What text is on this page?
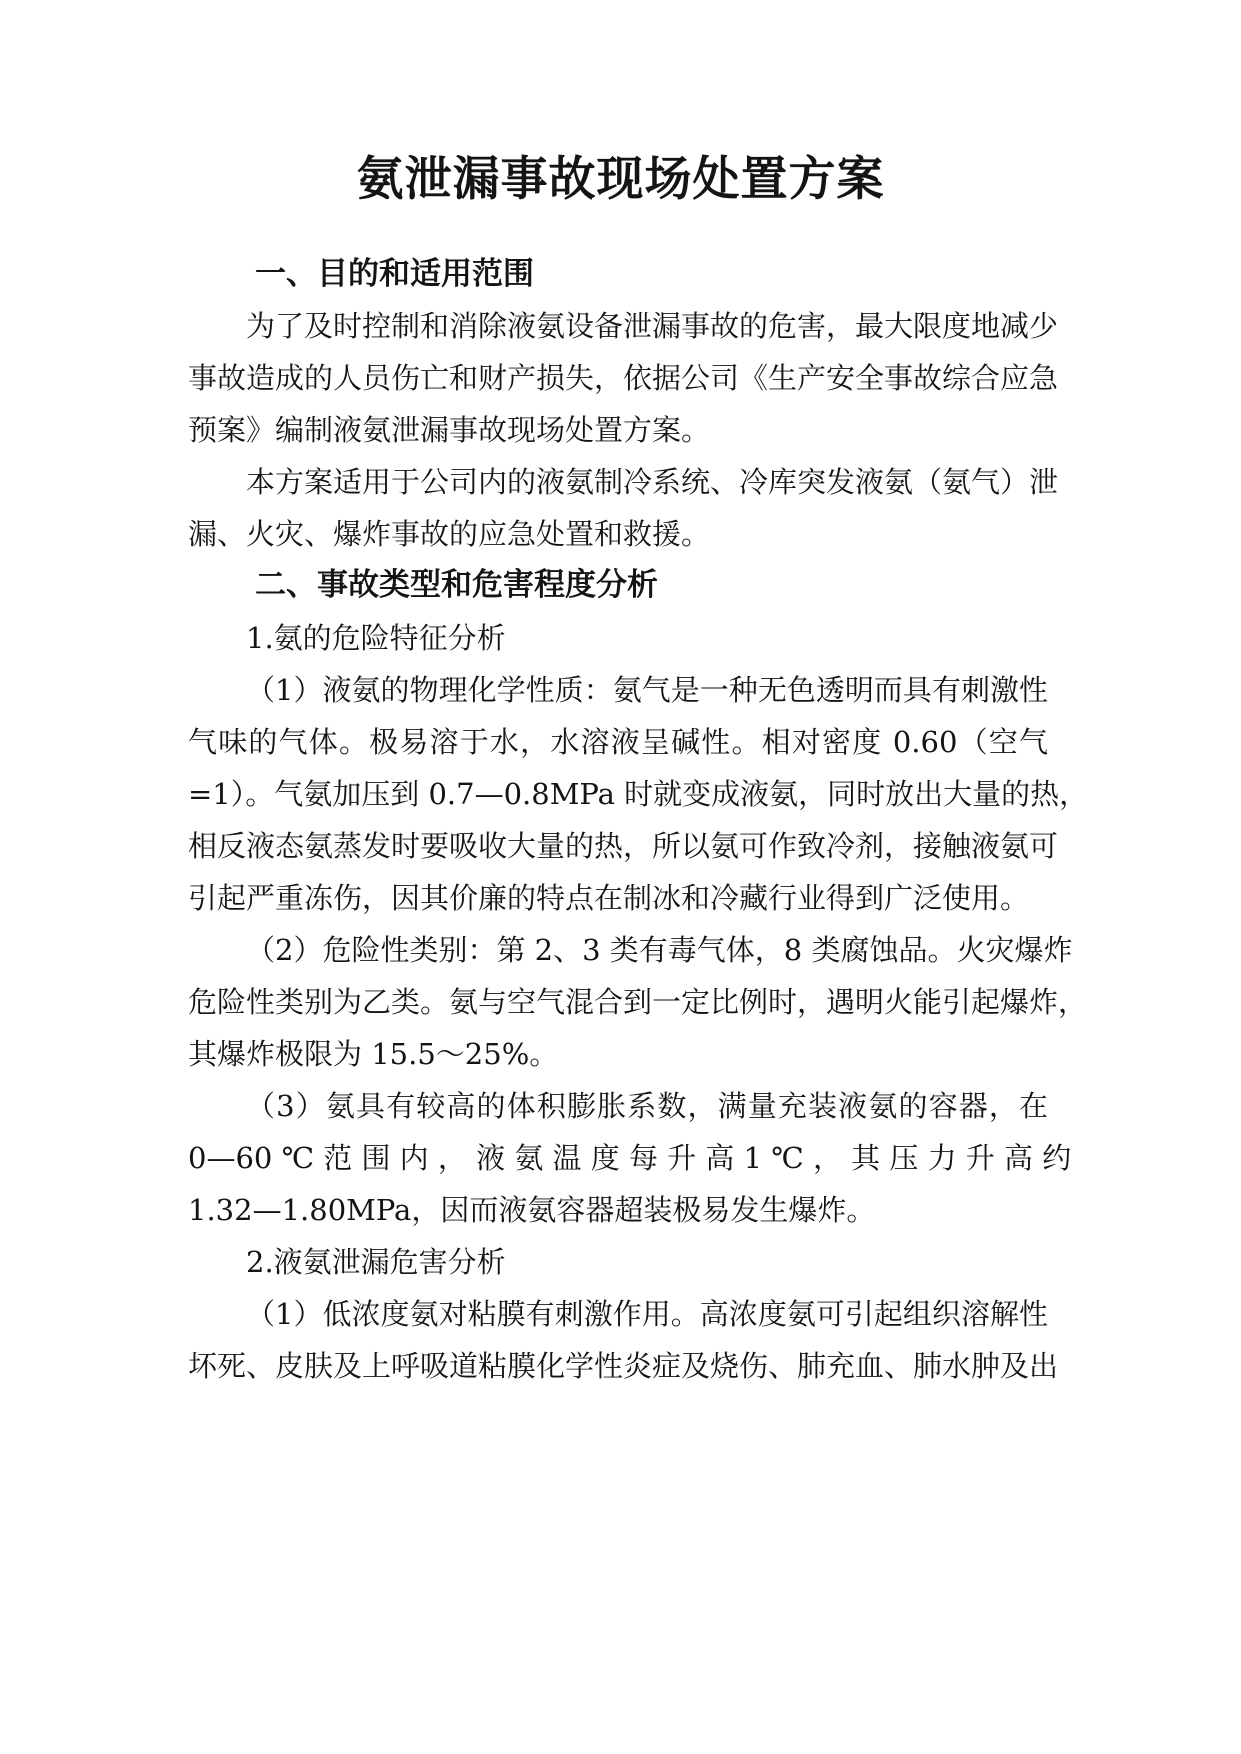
氨泄漏事故现场处置方案
一、目的和适用范围

为了及时控制和消除液氨设备泄漏事故的危害，最大限度地减少

事故造成的人员伤亡和财产损失，依据公司《生产安全事故综合应急

预案》编制液氨泄漏事故现场处置方案。

本方案适用于公司内的液氨制冷系统、冷库突发液氨（氨气）泄

漏、火灾、爆炸事故的应急处置和救援。

二、事故类型和危害程度分析

1.氨的危险特征分析

（1）液氨的物理化学性质：氨气是一种无色透明而具有刺激性

气味的气体。极易溶于水，水溶液呈碱性。相对密度 0.60（空气

=1）。气氨加压到 0.7—0.8MPa 时就变成液氨，同时放出大量的热，

相反液态氨蒸发时要吸收大量的热，所以氨可作致冷剂，接触液氨可

引起严重冻伤，因其价廉的特点在制冰和冷藏行业得到广泛使用。

（2）危险性类别：第 2、3 类有毒气体，8 类腐蚀品。火灾爆炸

危险性类别为乙类。氨与空气混合到一定比例时，遇明火能引起爆炸，

其爆炸极限为 15.5～25%。

（3）氨具有较高的体积膨胀系数，满量充装液氨的容器，在

0—60 ℃ 范 围 内 ， 液 氨 温 度 每 升 高 1 ℃ ， 其 压 力 升 高 约

1.32—1.80MPa，因而液氨容器超装极易发生爆炸。

2.液氨泄漏危害分析

（1）低浓度氨对粘膜有刺激作用。高浓度氨可引起组织溶解性

坏死、皮肤及上呼吸道粘膜化学性炎症及烧伤、肺充血、肺水肿及出
